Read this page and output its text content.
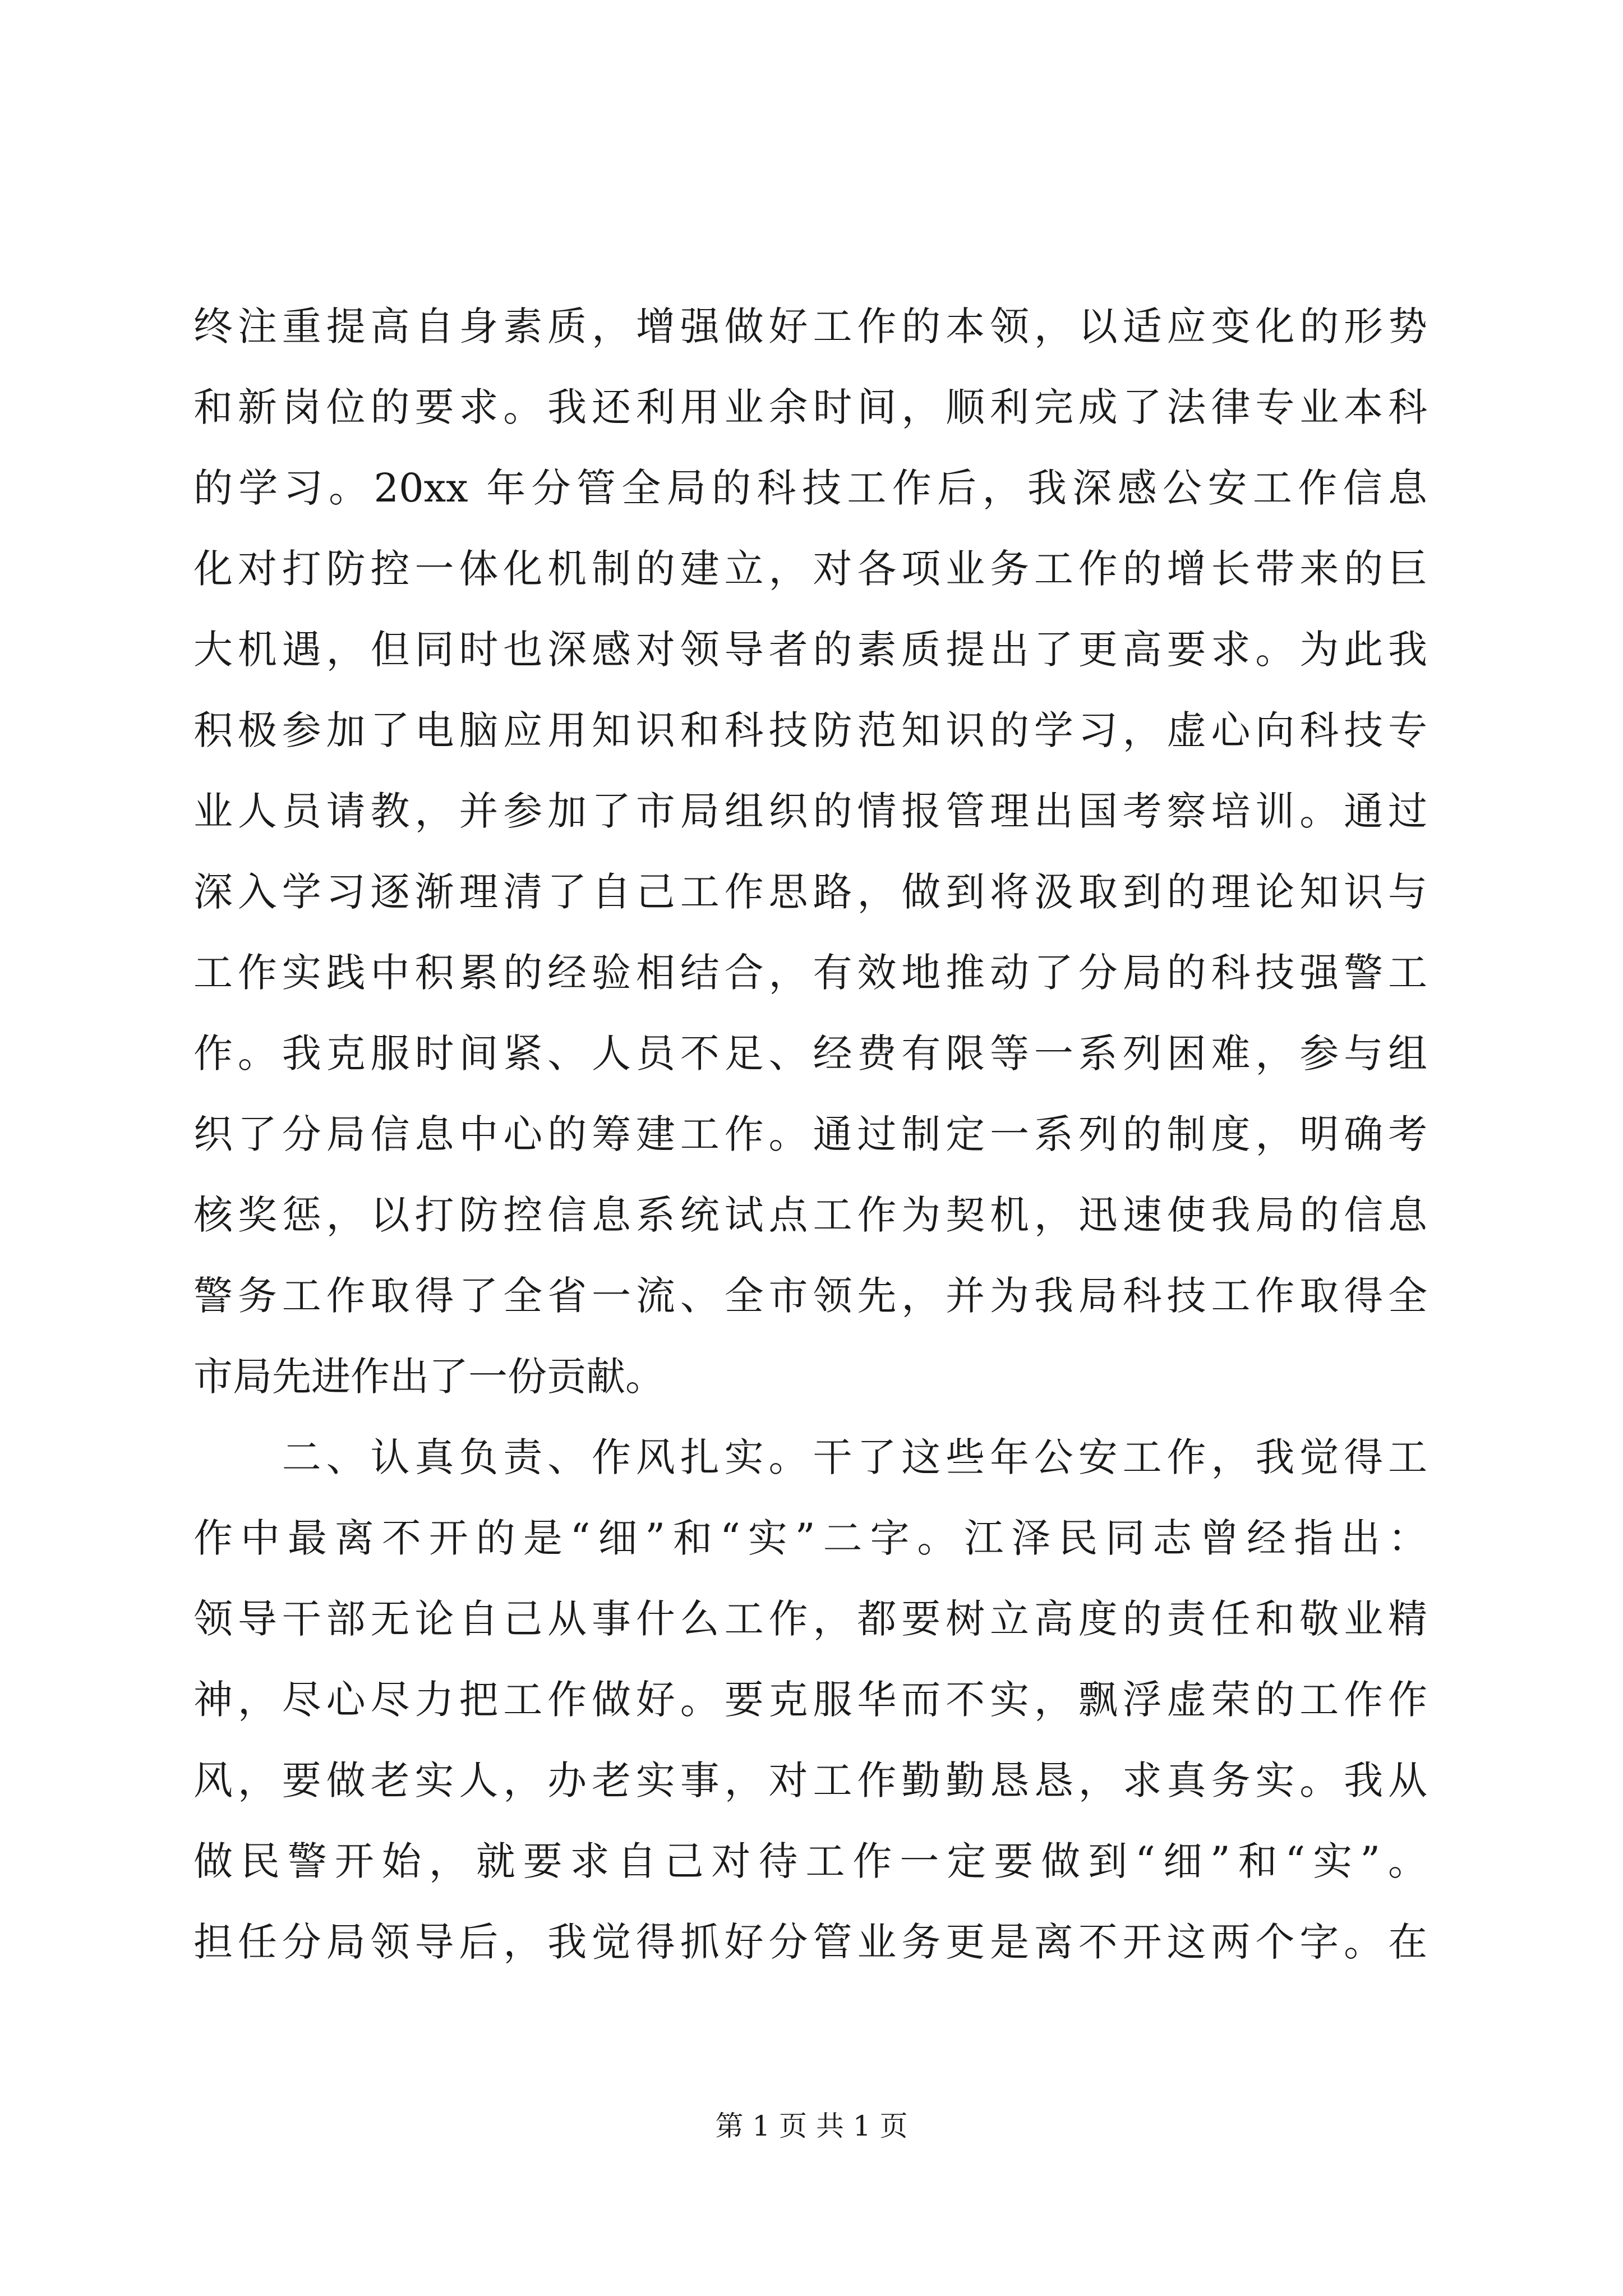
终注重提高自身素质，增强做好工作的本领，以适应变化的形势
和新岗位的要求。我还利用业余时间，顺利完成了法律专业本科
的学习。20xx 年分管全局的科技工作后，我深感公安工作信息
化对打防控一体化机制的建立，对各项业务工作的增长带来的巨
大机遇，但同时也深感对领导者的素质提出了更高要求。为此我
积极参加了电脑应用知识和科技防范知识的学习，虚心向科技专
业人员请教，并参加了市局组织的情报管理出国考察培训。通过
深入学习逐渐理清了自己工作思路，做到将汲取到的理论知识与
工作实践中积累的经验相结合，有效地推动了分局的科技强警工
作。我克服时间紧、人员不足、经费有限等一系列困难，参与组
织了分局信息中心的筹建工作。通过制定一系列的制度，明确考
核奖惩，以打防控信息系统试点工作为契机，迅速使我局的信息
警务工作取得了全省一流、全市领先，并为我局科技工作取得全
市局先进作出了一份贡献。
　　二、认真负责、作风扎实。干了这些年公安工作，我觉得工
作中最离不开的是“细”和“实”二字。江泽民同志曾经指出：
领导干部无论自己从事什么工作，都要树立高度的责任和敬业精
神，尽心尽力把工作做好。要克服华而不实，飘浮虚荣的工作作
风，要做老实人，办老实事，对工作勤勤恳恳，求真务实。我从
做民警开始，就要求自己对待工作一定要做到“细”和“实”。
担任分局领导后，我觉得抓好分管业务更是离不开这两个字。在
第 1 页 共 1 页
